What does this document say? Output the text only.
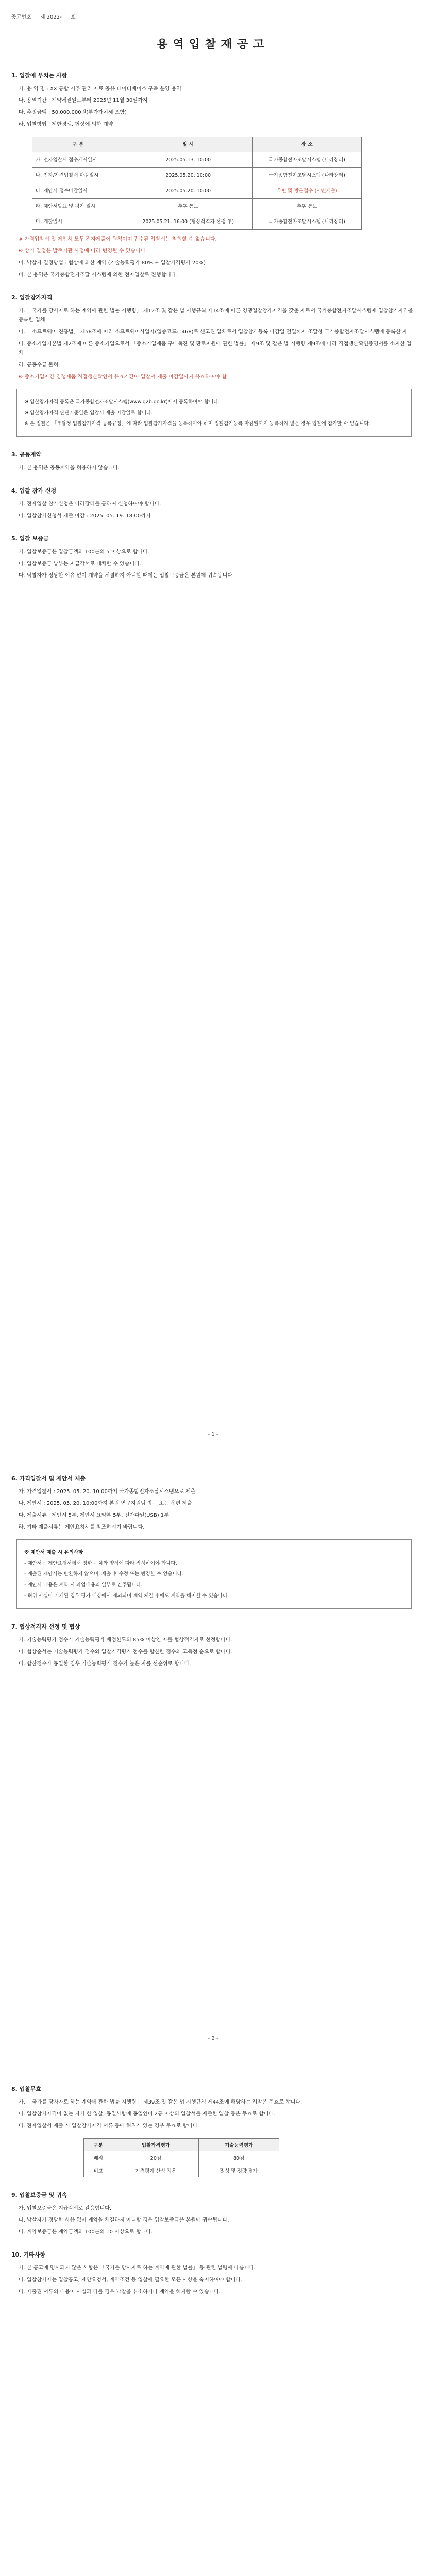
공고번호 제 2022- 호
용역입찰재공고
1. 입찰에 부치는 사항
가. 용 역 명 : XX 통합 시추 관리 자료 공유 데이터베이스 구축 운영 용역
나. 용역기간 : 계약체결일로부터 2025년 11월 30일까지
다. 추정금액 : 50,000,000원(부가가치세 포함)
라. 입찰방법 : 제한경쟁, 협상에 의한 계약
구 분	일 시	장 소
가. 전자입찰서 접수개시일시	2025.05.13. 10:00	국가종합전자조달시스템 (나라장터)
나. 전자/가격입찰서 마감일시	2025.05.20. 10:00	국가종합전자조달시스템 (나라장터)
다. 제안서 접수마감일시	2025.05.20. 10:00	우편 및 방문접수 (서면제출)
라. 제안서발표 및 평가 일시	추후 통보	추후 통보
마. 개찰일시	2025.05.21. 16:00 (협상적격자 선정 후)	국가종합전자조달시스템 (나라장터)
※ 가격입찰서 및 제안서 모두 전자제출이 원칙이며 접수된 입찰서는 철회할 수 없습니다.
※ 상기 일정은 발주기관 사정에 따라 변경될 수 있습니다.
마. 낙찰자 결정방법 : 협상에 의한 계약 (기술능력평가 80% + 입찰가격평가 20%)
바. 본 용역은 국가종합전자조달 시스템에 의한 전자입찰로 진행합니다.
2. 입찰참가자격
가. 「국가를 당사자로 하는 계약에 관한 법률 시행령」 제12조 및 같은 법 시행규칙 제14조에 따른 경쟁입찰참가자격을 갖춘 자로서 국가종합전자조달시스템에 입찰참가자격을 등록한 업체
나. 「소프트웨어 진흥법」 제58조에 따라 소프트웨어사업자(업종코드:1468)로 신고된 업체로서 입찰참가등록 마감일 전일까지 조달청 국가종합전자조달시스템에 등록한 자
다. 중소기업기본법 제2조에 따른 중소기업으로서 「중소기업제품 구매촉진 및 판로지원에 관한 법률」 제9조 및 같은 법 시행령 제9조에 따라 직접생산확인증명서를 소지한 업체
라. 공동수급 불허
※ 중소기업자간 경쟁제품 직접생산확인서 유효기간이 입찰서 제출 마감일까지 유효하여야 함
※ 입찰참가자격 등록은 국가종합전자조달시스템(www.g2b.go.kr)에서 등록하여야 합니다.
※ 입찰참가자격 판단기준일은 입찰서 제출 마감일로 합니다.
※ 본 입찰은 「조달청 입찰참가자격 등록규정」에 따라 입찰참가자격을 등록하여야 하며 입찰참가등록 마감일까지 등록하지 않은 경우 입찰에 참가할 수 없습니다.
3. 공동계약
가. 본 용역은 공동계약을 허용하지 않습니다.
4. 입찰 참가 신청
가. 전자입찰 참가신청은 나라장터를 통하여 신청하여야 합니다.
나. 입찰참가신청서 제출 마감 : 2025. 05. 19. 18:00까지
5. 입찰 보증금
가. 입찰보증금은 입찰금액의 100분의 5 이상으로 합니다.
나. 입찰보증금 납부는 지급각서로 대체할 수 있습니다.
다. 낙찰자가 정당한 이유 없이 계약을 체결하지 아니할 때에는 입찰보증금은 본원에 귀속됩니다.
- 1 -
6. 가격입찰서 및 제안서 제출
가. 가격입찰서 : 2025. 05. 20. 10:00까지 국가종합전자조달시스템으로 제출
나. 제안서 : 2025. 05. 20. 10:00까지 본원 연구지원팀 방문 또는 우편 제출
다. 제출서류 : 제안서 5부, 제안서 요약본 5부, 전자파일(USB) 1부
라. 기타 제출서류는 제안요청서를 참조하시기 바랍니다.
※ 제안서 제출 시 유의사항
- 제안서는 제안요청서에서 정한 목차와 양식에 따라 작성하여야 합니다.
- 제출된 제안서는 반환하지 않으며, 제출 후 수정 또는 변경할 수 없습니다.
- 제안서 내용은 계약 시 과업내용의 일부로 간주됩니다.
- 허위 사실이 기재된 경우 평가 대상에서 제외되며 계약 체결 후에도 계약을 해지할 수 있습니다.
7. 협상적격자 선정 및 협상
가. 기술능력평가 점수가 기술능력평가 배점한도의 85% 이상인 자를 협상적격자로 선정합니다.
나. 협상순서는 기술능력평가 점수와 입찰가격평가 점수를 합산한 점수의 고득점 순으로 합니다.
다. 합산점수가 동일한 경우 기술능력평가 점수가 높은 자를 선순위로 합니다.
- 2 -
8. 입찰무효
가. 「국가를 당사자로 하는 계약에 관한 법률 시행령」 제39조 및 같은 법 시행규칙 제44조에 해당하는 입찰은 무효로 합니다.
나. 입찰참가자격이 없는 자가 한 입찰, 동일사항에 동일인이 2통 이상의 입찰서를 제출한 입찰 등은 무효로 합니다.
다. 전자입찰서 제출 시 입찰참가자격 서류 등에 허위가 있는 경우 무효로 합니다.
구분	입찰가격평가	기술능력평가
배점	20점	80점
비고	가격평가 산식 적용	정성 및 정량 평가
9. 입찰보증금 및 귀속
가. 입찰보증금은 지급각서로 갈음합니다.
나. 낙찰자가 정당한 사유 없이 계약을 체결하지 아니할 경우 입찰보증금은 본원에 귀속됩니다.
다. 계약보증금은 계약금액의 100분의 10 이상으로 합니다.
10. 기타사항
가. 본 공고에 명시되지 않은 사항은 「국가를 당사자로 하는 계약에 관한 법률」 등 관련 법령에 따릅니다.
나. 입찰참가자는 입찰공고, 제안요청서, 계약조건 등 입찰에 필요한 모든 사항을 숙지하여야 합니다.
다. 제출된 서류의 내용이 사실과 다를 경우 낙찰을 취소하거나 계약을 해지할 수 있습니다.
